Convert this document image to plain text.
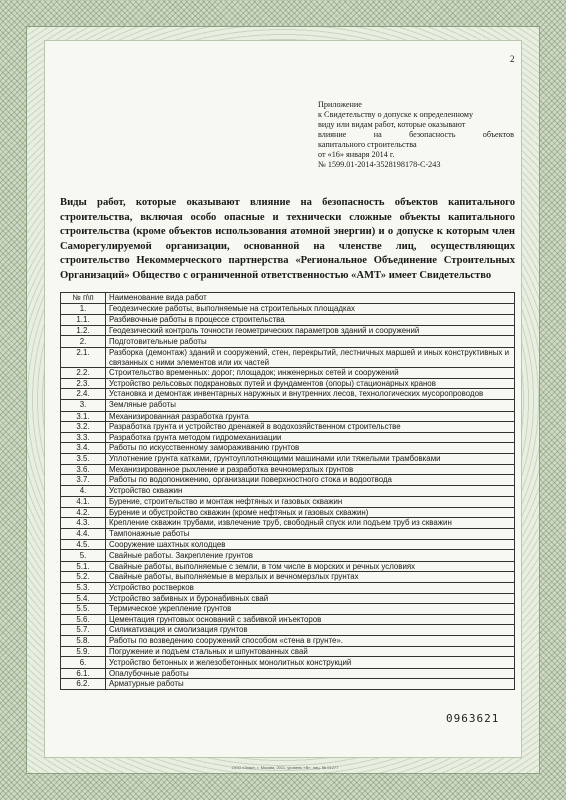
2
Приложение
к Свидетельству о допуске к определенному
виду или видам работ, которые оказывают
влияние на безопасность объектов
капитального строительства
от «16» января 2014 г.
№ 1599.01-2014-3528198178-С-243
Виды работ, которые оказывают влияние на безопасность объектов капитального строительства, включая особо опасные и технически сложные объекты капитального строительства (кроме объектов использования атомной энергии) и о допуске к которым член Саморегулируемой организации, основанной на членстве лиц, осуществляющих строительство Некоммерческого партнерства «Региональное Объединение Строительных Организаций» Общество с ограниченной ответственностью «АМТ» имеет Свидетельство
№ п\п	Наименование вида работ
1.	Геодезические работы, выполняемые на строительных площадках
1.1.	Разбивочные работы в процессе строительства
1.2.	Геодезический контроль точности геометрических параметров зданий и сооружений
2.	Подготовительные работы
2.1.	Разборка (демонтаж) зданий и сооружений, стен, перекрытий, лестничных маршей и иных конструктивных и связанных с ними элементов или их частей
2.2.	Строительство временных: дорог; площадок; инженерных сетей и сооружений
2.3.	Устройство рельсовых подкрановых путей и фундаментов (опоры) стационарных кранов
2.4.	Установка и демонтаж инвентарных наружных и внутренних лесов, технологических мусоропроводов
3.	Земляные работы
3.1.	Механизированная разработка грунта
3.2.	Разработка грунта и устройство дренажей в водохозяйственном строительстве
3.3.	Разработка грунта методом гидромеханизации
3.4.	Работы по искусственному замораживанию грунтов
3.5.	Уплотнение грунта катками, грунтоуплотняющими машинами или тяжелыми трамбовками
3.6.	Механизированное рыхление и разработка вечномерзлых грунтов
3.7.	Работы по водопонижению, организации поверхностного стока и водоотвода
4.	Устройство скважин
4.1.	Бурение, строительство и монтаж нефтяных и газовых скважин
4.2.	Бурение и обустройство скважин (кроме нефтяных и газовых скважин)
4.3.	Крепление скважин трубами, извлечение труб, свободный спуск или подъем труб из скважин
4.4.	Тампонажные работы
4.5.	Сооружение шахтных колодцев
5.	Свайные работы. Закрепление грунтов
5.1.	Свайные работы, выполняемые с земли, в том числе в морских и речных условиях
5.2.	Свайные работы, выполняемые в мерзлых и вечномерзлых грунтах
5.3.	Устройство ростверков
5.4.	Устройство забивных и буронабивных свай
5.5.	Термическое укрепление грунтов
5.6.	Цементация грунтовых оснований с забивкой инъекторов
5.7.	Силикатизация и смолизация грунтов
5.8.	Работы по возведению сооружений способом «стена в грунте».
5.9.	Погружение и подъем стальных и шпунтованных свай
6.	Устройство бетонных и железобетонных монолитных конструкций
6.1.	Опалубочные работы
6.2.	Арматурные работы
0963621
ООО «Знак», г. Москва, 2011, уровень «В», лиц. № 01277
